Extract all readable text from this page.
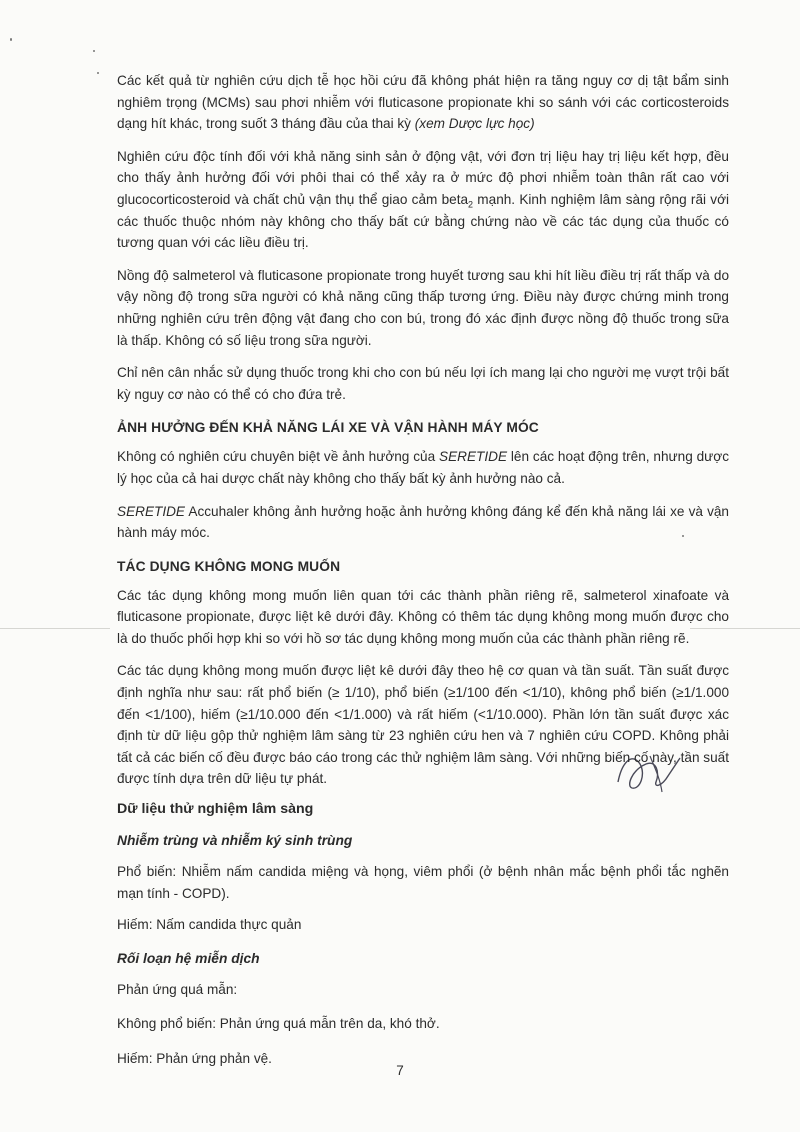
Các kết quả từ nghiên cứu dịch tễ học hồi cứu đã không phát hiện ra tăng nguy cơ dị tật bẩm sinh nghiêm trọng (MCMs) sau phơi nhiễm với fluticasone propionate khi so sánh với các corticosteroids dạng hít khác, trong suốt 3 tháng đầu của thai kỳ (xem Dược lực học)

Nghiên cứu độc tính đối với khả năng sinh sản ở động vật, với đơn trị liệu hay trị liệu kết hợp, đều cho thấy ảnh hưởng đối với phôi thai có thể xảy ra ở mức độ phơi nhiễm toàn thân rất cao với glucocorticosteroid và chất chủ vận thụ thể giao cảm beta$_2$ mạnh. Kinh nghiệm lâm sàng rộng rãi với các thuốc thuộc nhóm này không cho thấy bất cứ bằng chứng nào về các tác dụng của thuốc có tương quan với các liều điều trị.

Nồng độ salmeterol và fluticasone propionate trong huyết tương sau khi hít liều điều trị rất thấp và do vậy nồng độ trong sữa người có khả năng cũng thấp tương ứng. Điều này được chứng minh trong những nghiên cứu trên động vật đang cho con bú, trong đó xác định được nồng độ thuốc trong sữa là thấp. Không có số liệu trong sữa người.

Chỉ nên cân nhắc sử dụng thuốc trong khi cho con bú nếu lợi ích mang lại cho người mẹ vượt trội bất kỳ nguy cơ nào có thể có cho đứa trẻ.

ẢNH HƯỞNG ĐẾN KHẢ NĂNG LÁI XE VÀ VẬN HÀNH MÁY MÓC

Không có nghiên cứu chuyên biệt về ảnh hưởng của SERETIDE lên các hoạt động trên, nhưng dược lý học của cả hai dược chất này không cho thấy bất kỳ ảnh hưởng nào cả.

SERETIDE Accuhaler không ảnh hưởng hoặc ảnh hưởng không đáng kể đến khả năng lái xe và vận hành máy móc.

TÁC DỤNG KHÔNG MONG MUỐN

Các tác dụng không mong muốn liên quan tới các thành phần riêng rẽ, salmeterol xinafoate và fluticasone propionate, được liệt kê dưới đây. Không có thêm tác dụng không mong muốn được cho là do thuốc phối hợp khi so với hồ sơ tác dụng không mong muốn của các thành phần riêng rẽ.

Các tác dụng không mong muốn được liệt kê dưới đây theo hệ cơ quan và tần suất. Tần suất được định nghĩa như sau: rất phổ biến (≥ 1/10), phổ biến (≥1/100 đến <1/10), không phổ biến (≥1/1.000 đến <1/100), hiếm (≥1/10.000 đến <1/1.000) và rất hiếm (<1/10.000). Phần lớn tần suất được xác định từ dữ liệu gộp thử nghiệm lâm sàng từ 23 nghiên cứu hen và 7 nghiên cứu COPD. Không phải tất cả các biến cố đều được báo cáo trong các thử nghiệm lâm sàng. Với những biến cố này, tần suất được tính dựa trên dữ liệu tự phát.

Dữ liệu thử nghiệm lâm sàng
Nhiễm trùng và nhiễm ký sinh trùng

Phổ biến: Nhiễm nấm candida miệng và họng, viêm phổi (ở bệnh nhân mắc bệnh phổi tắc nghẽn mạn tính - COPD).

Hiếm: Nấm candida thực quản

Rối loạn hệ miễn dịch

Phản ứng quá mẫn:

Không phổ biến: Phản ứng quá mẫn trên da, khó thở.

Hiếm: Phản ứng phản vệ.

7
